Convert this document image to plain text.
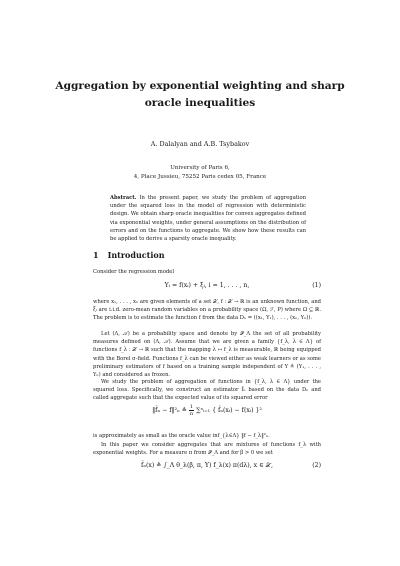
Aggregation by exponential weighting and sharp
oracle inequalities
A. Dalalyan and A.B. Tsybakov
University of Paris 6,
4, Place Jussieu, 75252 Paris cedex 05, France
Abstract. In the present paper, we study the problem of aggregation under the squared loss in the model of regression with deterministic design. We obtain sharp oracle inequalities for convex aggregates defined via exponential weights, under general assumptions on the distribution of errors and on the functions to aggregate. We show how these results can be applied to derive a sparsity oracle inequality.
1 Introduction
Consider the regression model
Yᵢ = f(xᵢ) + ξᵢ, i = 1, . . . , n,	(1)
where x₁, . . . , xₙ are given elements of a set 𝒳, f : 𝒳 → ℝ is an unknown function, and ξᵢ are i.i.d. zero-mean random variables on a probability space (Ω, ℱ, P) where Ω ⊆ ℝ. The problem is to estimate the function f from the data Dₙ = ((x₁, Y₁), . . . , (xₙ, Yₙ)).
Let (Λ, 𝒜) be a probability space and denote by 𝒫_Λ the set of all probability measures defined on (Λ, 𝒜). Assume that we are given a family {f_λ, λ ∈ Λ} of functions f_λ : 𝒳 → ℝ such that the mapping λ ↦ f_λ is measurable, ℝ being equipped with the Borel σ-field. Functions f_λ can be viewed either as weak learners or as some preliminary estimators of f based on a training sample independent of Y ≜ (Y₁, . . . , Yₙ) and considered as frozen.
We study the problem of aggregation of functions in {f_λ, λ ∈ Λ} under the squared loss. Specifically, we construct an estimator f̂ₙ based on the data Dₙ and called aggregate such that the expected value of its squared error
‖f̂ₙ − f‖²ₙ ≜ $\frac{1}{n}$ ∑ⁿᵢ₌₁ { f̂ₙ(xᵢ) − f(xᵢ) }²
is approximately as small as the oracle value inf_{λ∈Λ} ‖f − f_λ‖²ₙ.
In this paper we consider aggregates that are mixtures of functions f_λ with exponential weights. For a measure π from 𝒫_Λ and for β > 0 we set
f̂ₙ(x) ≜ ∫_Λ θ_λ(β, π, Y) f_λ(x) π(dλ), x ∈ 𝒳,	(2)
